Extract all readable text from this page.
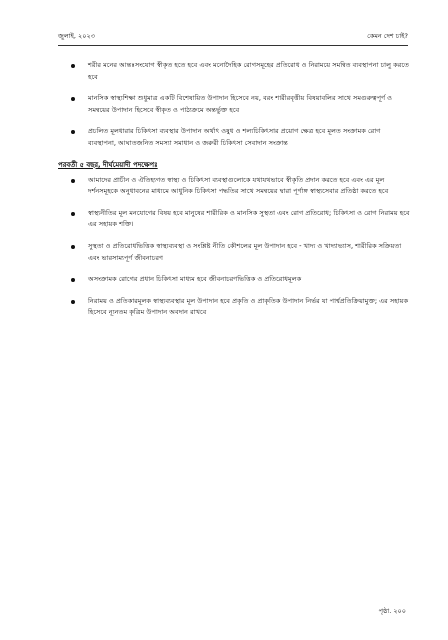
জুলাই, ২০২৩	কেমন দেশ চাই?
শরীর মনের আন্তঃসংযোগ স্বীকৃত হতে হবে এবং মনোদৈহিক রোগসমূহের প্রতিরোধ ও নিরাময়ে সমন্বিত ব্যবস্থাপনা চালু করতে হবে
মানসিক স্বাস্থ্যশিক্ষা শুধুমাত্র একটি বিশেষায়িত উপাদান হিসেবে নয়, বরং শারীরবৃত্তীয় বিষয়াবলির সাথে সমগুরুত্বপূর্ণ ও সমন্বয়ের উপাদান হিসেবে স্বীকৃত ও পাঠ্যক্রমে অন্তর্ভুক্ত হবে
প্রচলিত মূলধারার চিকিৎসা ব্যবস্থার উপাদান অর্থাৎ ওষুধ ও শল্যচিকিৎসার প্রয়োগ ক্ষেত্র হবে মূলত সংক্রামক রোগ ব্যবস্থাপনা, আঘাতজনিত সমস্যা সমাধান ও জরুরী চিকিৎসা সেবাদান সংক্রান্ত
পরবর্তী ৫ বছর, দীর্ঘমেয়াদী পদক্ষেপঃ
আমাদের প্রাচীন ও ঐতিহ্যগত স্বাস্থ্য ও চিকিৎসা ব্যবস্থাগুলোকে যথাযথভাবে স্বীকৃতি প্রদান করতে হবে এবং এর মূল দর্শনসমূহকে অনুধাবনের মাধ্যমে আধুনিক চিকিৎসা পদ্ধতির সাথে সমন্বয়ের দ্বারা পূর্ণাঙ্গ স্বাস্থ্যসেবার প্রতিষ্ঠা করতে হবে
স্বাস্থ্যনীতির মূল মনযোগের বিষয় হবে মানুষের শারীরিক ও মানসিক সুস্থতা এবং রোগ প্রতিরোধ; চিকিৎসা ও রোগ নিরাময় হবে এর সহায়ক শক্তি।
সুস্থতা ও প্রতিরোধভিত্তিক স্বাস্থ্যব্যবস্থা ও সংশ্লিষ্ট নীতি কৌশলের মূল উপাদান হবে - খাদ্য ও খাদ্যাভ্যাস, শারীরিক সক্রিয়তা এবং ভারসাম্যপূর্ণ জীবনাচরণ
অসংক্রামক রোগের প্রধান চিকিৎসা মাধ্যম হবে জীবনাচরণভিত্তিক ও প্রতিরোধমূলক
নিরাময় ও প্রতিকারমূলক স্বাস্থ্যব্যবস্থার মূল উপাদান হবে প্রকৃতি ও প্রাকৃতিক উপাদান নির্ভর যা পার্শ্বপ্রতিক্রিয়ামুক্ত; এর সহায়ক হিসেবে ন্যূনতম কৃত্রিম উপাদান অবদান রাখবে
পৃষ্ঠা. ২০০
